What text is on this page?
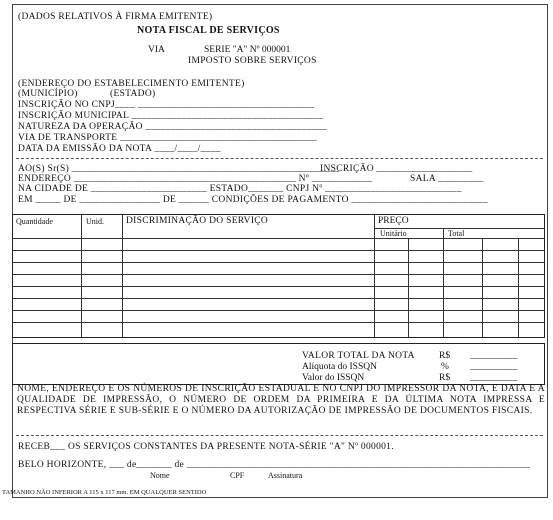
(DADOS RELATIVOS À FIRMA EMITENTE)
NOTA FISCAL DE SERVIÇOS
VIA	SERIE "A" Nº 000001
IMPOSTO SOBRE SERVIÇOS
(ENDEREÇO DO ESTABELECIMENTO EMITENTE)
(MUNICÍPIO)	(ESTADO)
INSCRIÇÃO NO CNPJ____ ___________________________________
INSCRIÇÃO MUNICIPAL ______________________________________
NATUREZA DA OPERAÇÃO ____________________________________
VIA DE TRANSPORTE _______________________________________
DATA DA EMISSÃO DA NOTA ____/____/____
AO(S) Sr(S) _____________________________________________________
INSCRIÇÃO ___________________
ENDEREÇO ____________________________________________ Nº ____________	SALA _________
NA CIDADE DE _______________________ ESTADO_______ CNPJ Nº ___________________________
EM _____ DE ________________ DE ______ CONDIÇÕES DE PAGAMENTO ___________________________
Quantidade	Unid. DISCRIMINAÇÃO DO SERVIÇO	PREÇO
Unitário	Total
VALOR TOTAL DA NOTA	R$ __________
Alíquota do ISSQN	% __________
Valor do ISSQN	R$ __________
NOME, ENDEREÇO E OS NÚMEROS DE INSCRIÇÃO ESTADUAL E NO CNPJ DO IMPRESSOR DA NOTA, E DATA E A QUALIDADE DE IMPRESSÃO, O NÚMERO DE ORDEM DA PRIMEIRA E DA ÚLTIMA NOTA IMPRESSA E RESPECTIVA SÉRIE E SUB-SÉRIE E O NÚMERO DA AUTORIZAÇÃO DE IMPRESSÃO DE DOCUMENTOS FISCAIS.
RECEB___ OS SERVIÇOS CONSTANTES DA PRESENTE NOTA-SÉRIE "A" Nº 000001.
BELO HORIZONTE, ___ de_______ de ____________________________________________________________________
Nome	CPF	Assinatura
TAMANHO NÃO INFERIOR A 115 x 117 mm. EM QUALQUER SENTIDO
